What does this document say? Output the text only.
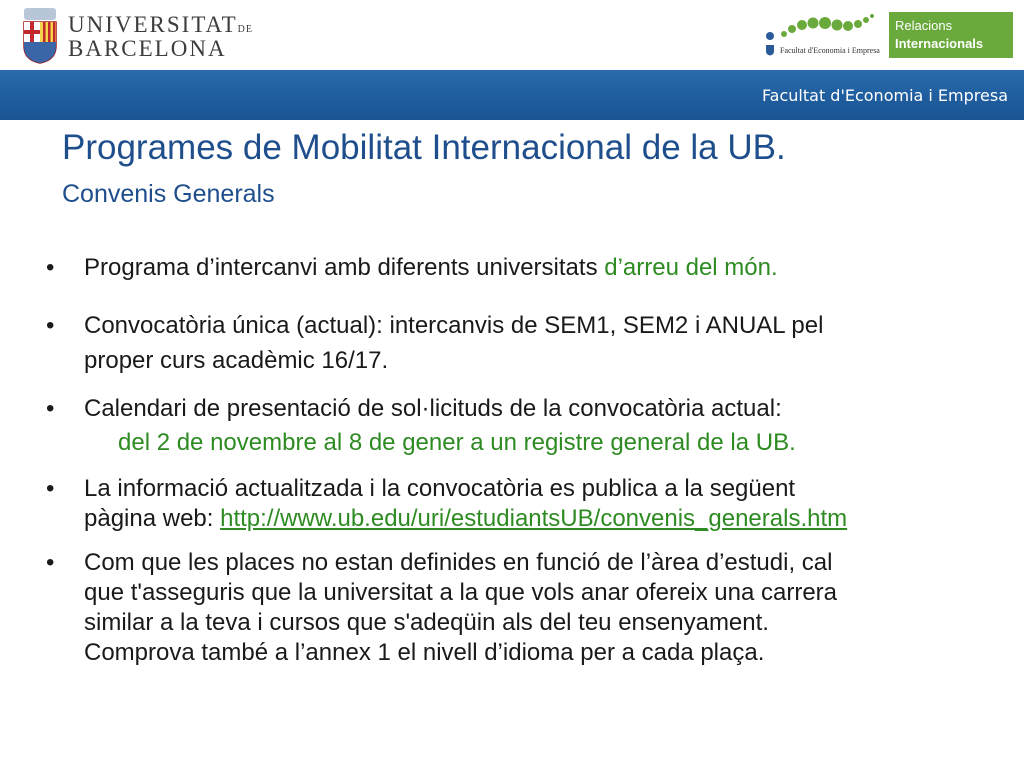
UNIVERSITATDE
BARCELONA	Facultat d'Economia i Empresa
Relacions
Internacionals
Facultat d'Economia i Empresa
Programes de Mobilitat Internacional de la UB.
Convenis Generals
• Programa d’intercanvi amb diferents universitats d’arreu del món.
• Convocatòria única (actual): intercanvis de SEM1, SEM2 i ANUAL pel
proper curs acadèmic 16/17.
• Calendari de presentació de sol·licituds de la convocatòria actual:
del 2 de novembre al 8 de gener a un registre general de la UB.
• La informació actualitzada i la convocatòria es publica a la següent
pàgina web: http://www.ub.edu/uri/estudiantsUB/convenis_generals.htm
• Com que les places no estan definides en funció de l’àrea d’estudi, cal
que t'asseguris que la universitat a la que vols anar ofereix una carrera
similar a la teva i cursos que s'adeqüin als del teu ensenyament.
Comprova també a l’annex 1 el nivell d’idioma per a cada plaça.
